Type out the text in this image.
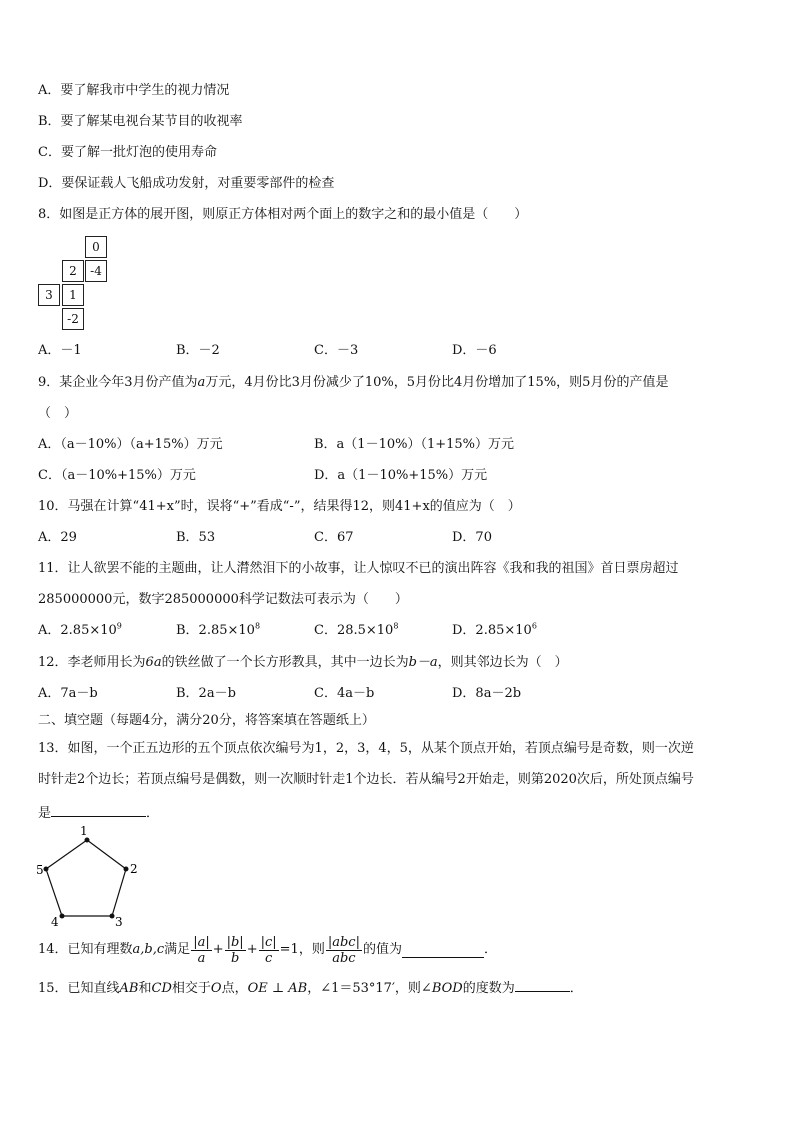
A．要了解我市中学生的视力情况
B．要了解某电视台某节目的收视率
C．要了解一批灯泡的使用寿命
D．要保证载人飞船成功发射，对重要零部件的检查
8．如图是正方体的展开图，则原正方体相对两个面上的数字之和的最小值是（　　）
0
2	-4
3	1
-2
A．－1	B．－2	C．－3	D．－6
9．某企业今年3月份产值为a万元，4月份比3月份减少了10%，5月份比4月份增加了15%，则5月份的产值是
（　）
A．（a－10%）（a+15%）万元	B．a（1－10%）（1+15%）万元
C．（a－10%+15%）万元	D．a（1－10%+15%）万元
10．马强在计算“41+x”时，误将“+”看成“-”，结果得12，则41+x的值应为（　）
A．29	B．53	C．67	D．70
11．让人欲罢不能的主题曲，让人潸然泪下的小故事，让人惊叹不已的演出阵容《我和我的祖国》首日票房超过
285000000元，数字285000000科学记数法可表示为（　　）
A．$2.85\times 10^9$	B．$2.85\times 10^8$	C．$28.5\times 10^8$	D．$2.85\times 10^6$
12．李老师用长为6a的铁丝做了一个长方形教具，其中一边长为b－a，则其邻边长为（　）
A．7a－b	B．2a－b	C．4a－b	D．8a－2b
二、填空题（每题4分，满分20分，将答案填在答题纸上）
13．如图，一个正五边形的五个顶点依次编号为1，2，3，4，5，从某个顶点开始，若顶点编号是奇数，则一次逆
时针走2个边长；若顶点编号是偶数，则一次顺时针走1个边长．若从编号2开始走，则第2020次后，所处顶点编号
是	．
1
2
3
4
5
14．已知有理数 a,b,c 满足 $\frac{|a|}{a} + \frac{|b|}{b} + \frac{|c|}{c} =1$ ，则 $\frac{\text{|abc|}}{\text{abc}}$ 的值为	．
15．已知直线AB和CD相交于O点，OE ⊥ AB，∠1＝53°17′，则∠BOD的度数为	．
